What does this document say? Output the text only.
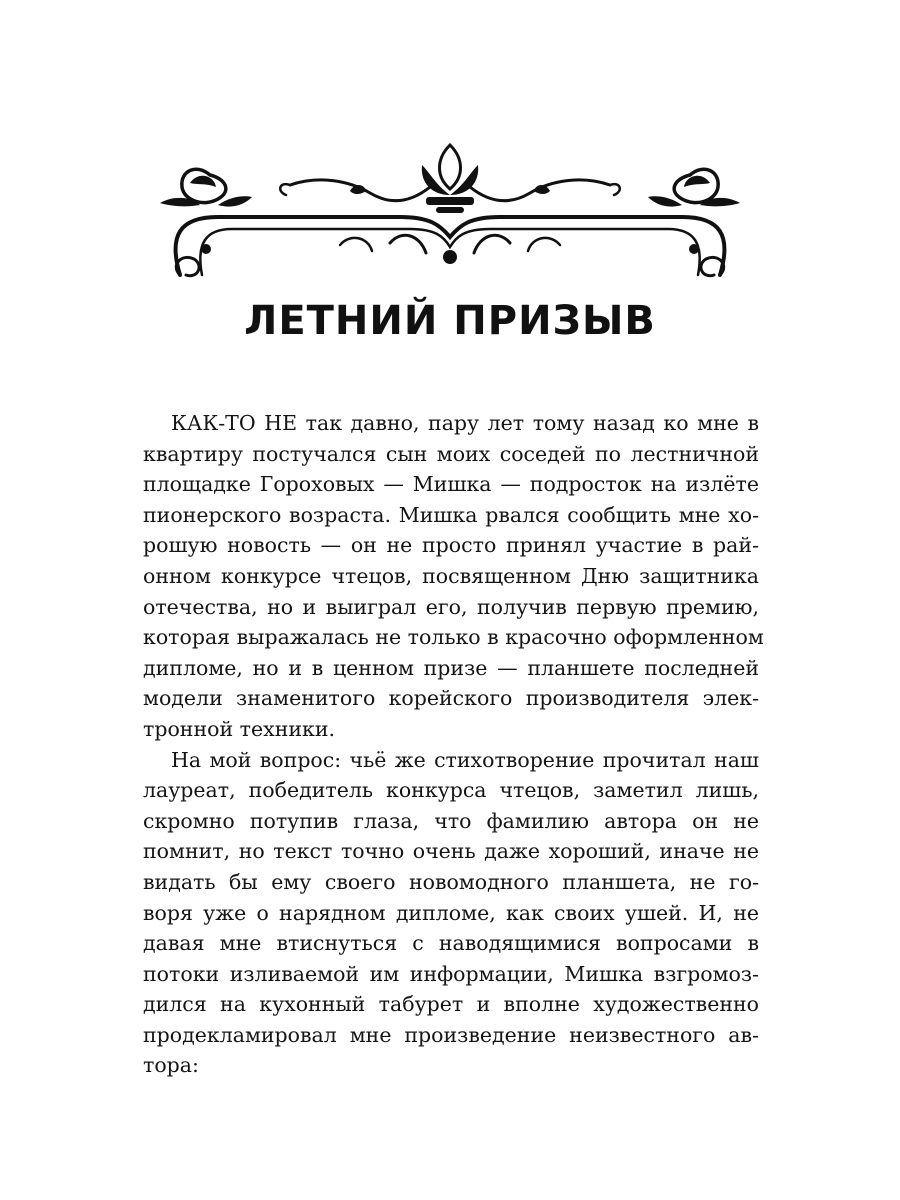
ЛЕТНИЙ ПРИЗЫВ
КАК-ТО НЕ так давно, пару лет тому назад ко мне в
квартиру постучался сын моих соседей по лестничной
площадке Гороховых — Мишка — подросток на излёте
пионерского возраста. Мишка рвался сообщить мне хо-
рошую новость — он не просто принял участие в рай-
онном конкурсе чтецов, посвященном Дню защитника
отечества, но и выиграл его, получив первую премию,
которая выражалась не только в красочно оформленном
дипломе, но и в ценном призе — планшете последней
модели знаменитого корейского производителя элек-
тронной техники.
На мой вопрос: чьё же стихотворение прочитал наш
лауреат, победитель конкурса чтецов, заметил лишь,
скромно потупив глаза, что фамилию автора он не
помнит, но текст точно очень даже хороший, иначе не
видать бы ему своего новомодного планшета, не го-
воря уже о нарядном дипломе, как своих ушей. И, не
давая мне втиснуться с наводящимися вопросами в
потоки изливаемой им информации, Мишка взгромоз-
дился на кухонный табурет и вполне художественно
продекламировал мне произведение неизвестного ав-
тора:
